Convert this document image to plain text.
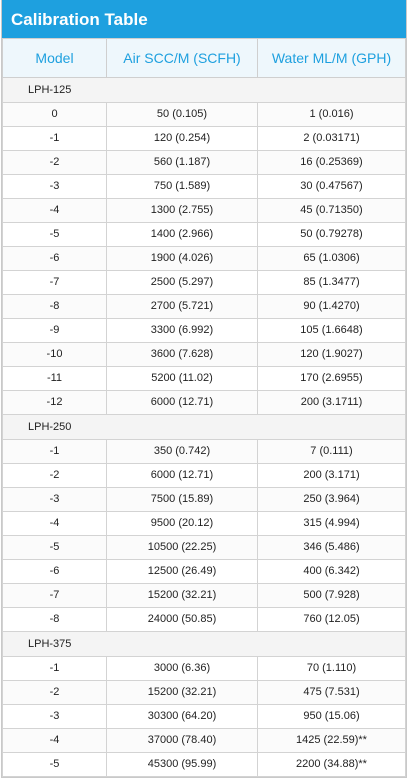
Calibration Table
Model	Air SCC/M (SCFH)	Water ML/M (GPH)
LPH-125		
0	50 (0.105)	1 (0.016)
-1	120 (0.254)	2 (0.03171)
-2	560 (1.187)	16 (0.25369)
-3	750 (1.589)	30 (0.47567)
-4	1300 (2.755)	45 (0.71350)
-5	1400 (2.966)	50 (0.79278)
-6	1900 (4.026)	65 (1.0306)
-7	2500 (5.297)	85 (1.3477)
-8	2700 (5.721)	90 (1.4270)
-9	3300 (6.992)	105 (1.6648)
-10	3600 (7.628)	120 (1.9027)
-11	5200 (11.02)	170 (2.6955)
-12	6000 (12.71)	200 (3.1711)
LPH-250		
-1	350 (0.742)	7 (0.111)
-2	6000 (12.71)	200 (3.171)
-3	7500 (15.89)	250 (3.964)
-4	9500 (20.12)	315 (4.994)
-5	10500 (22.25)	346 (5.486)
-6	12500 (26.49)	400 (6.342)
-7	15200 (32.21)	500 (7.928)
-8	24000 (50.85)	760 (12.05)
LPH-375		
-1	3000 (6.36)	70 (1.110)
-2	15200 (32.21)	475 (7.531)
-3	30300 (64.20)	950 (15.06)
-4	37000 (78.40)	1425 (22.59)**
-5	45300 (95.99)	2200 (34.88)**
